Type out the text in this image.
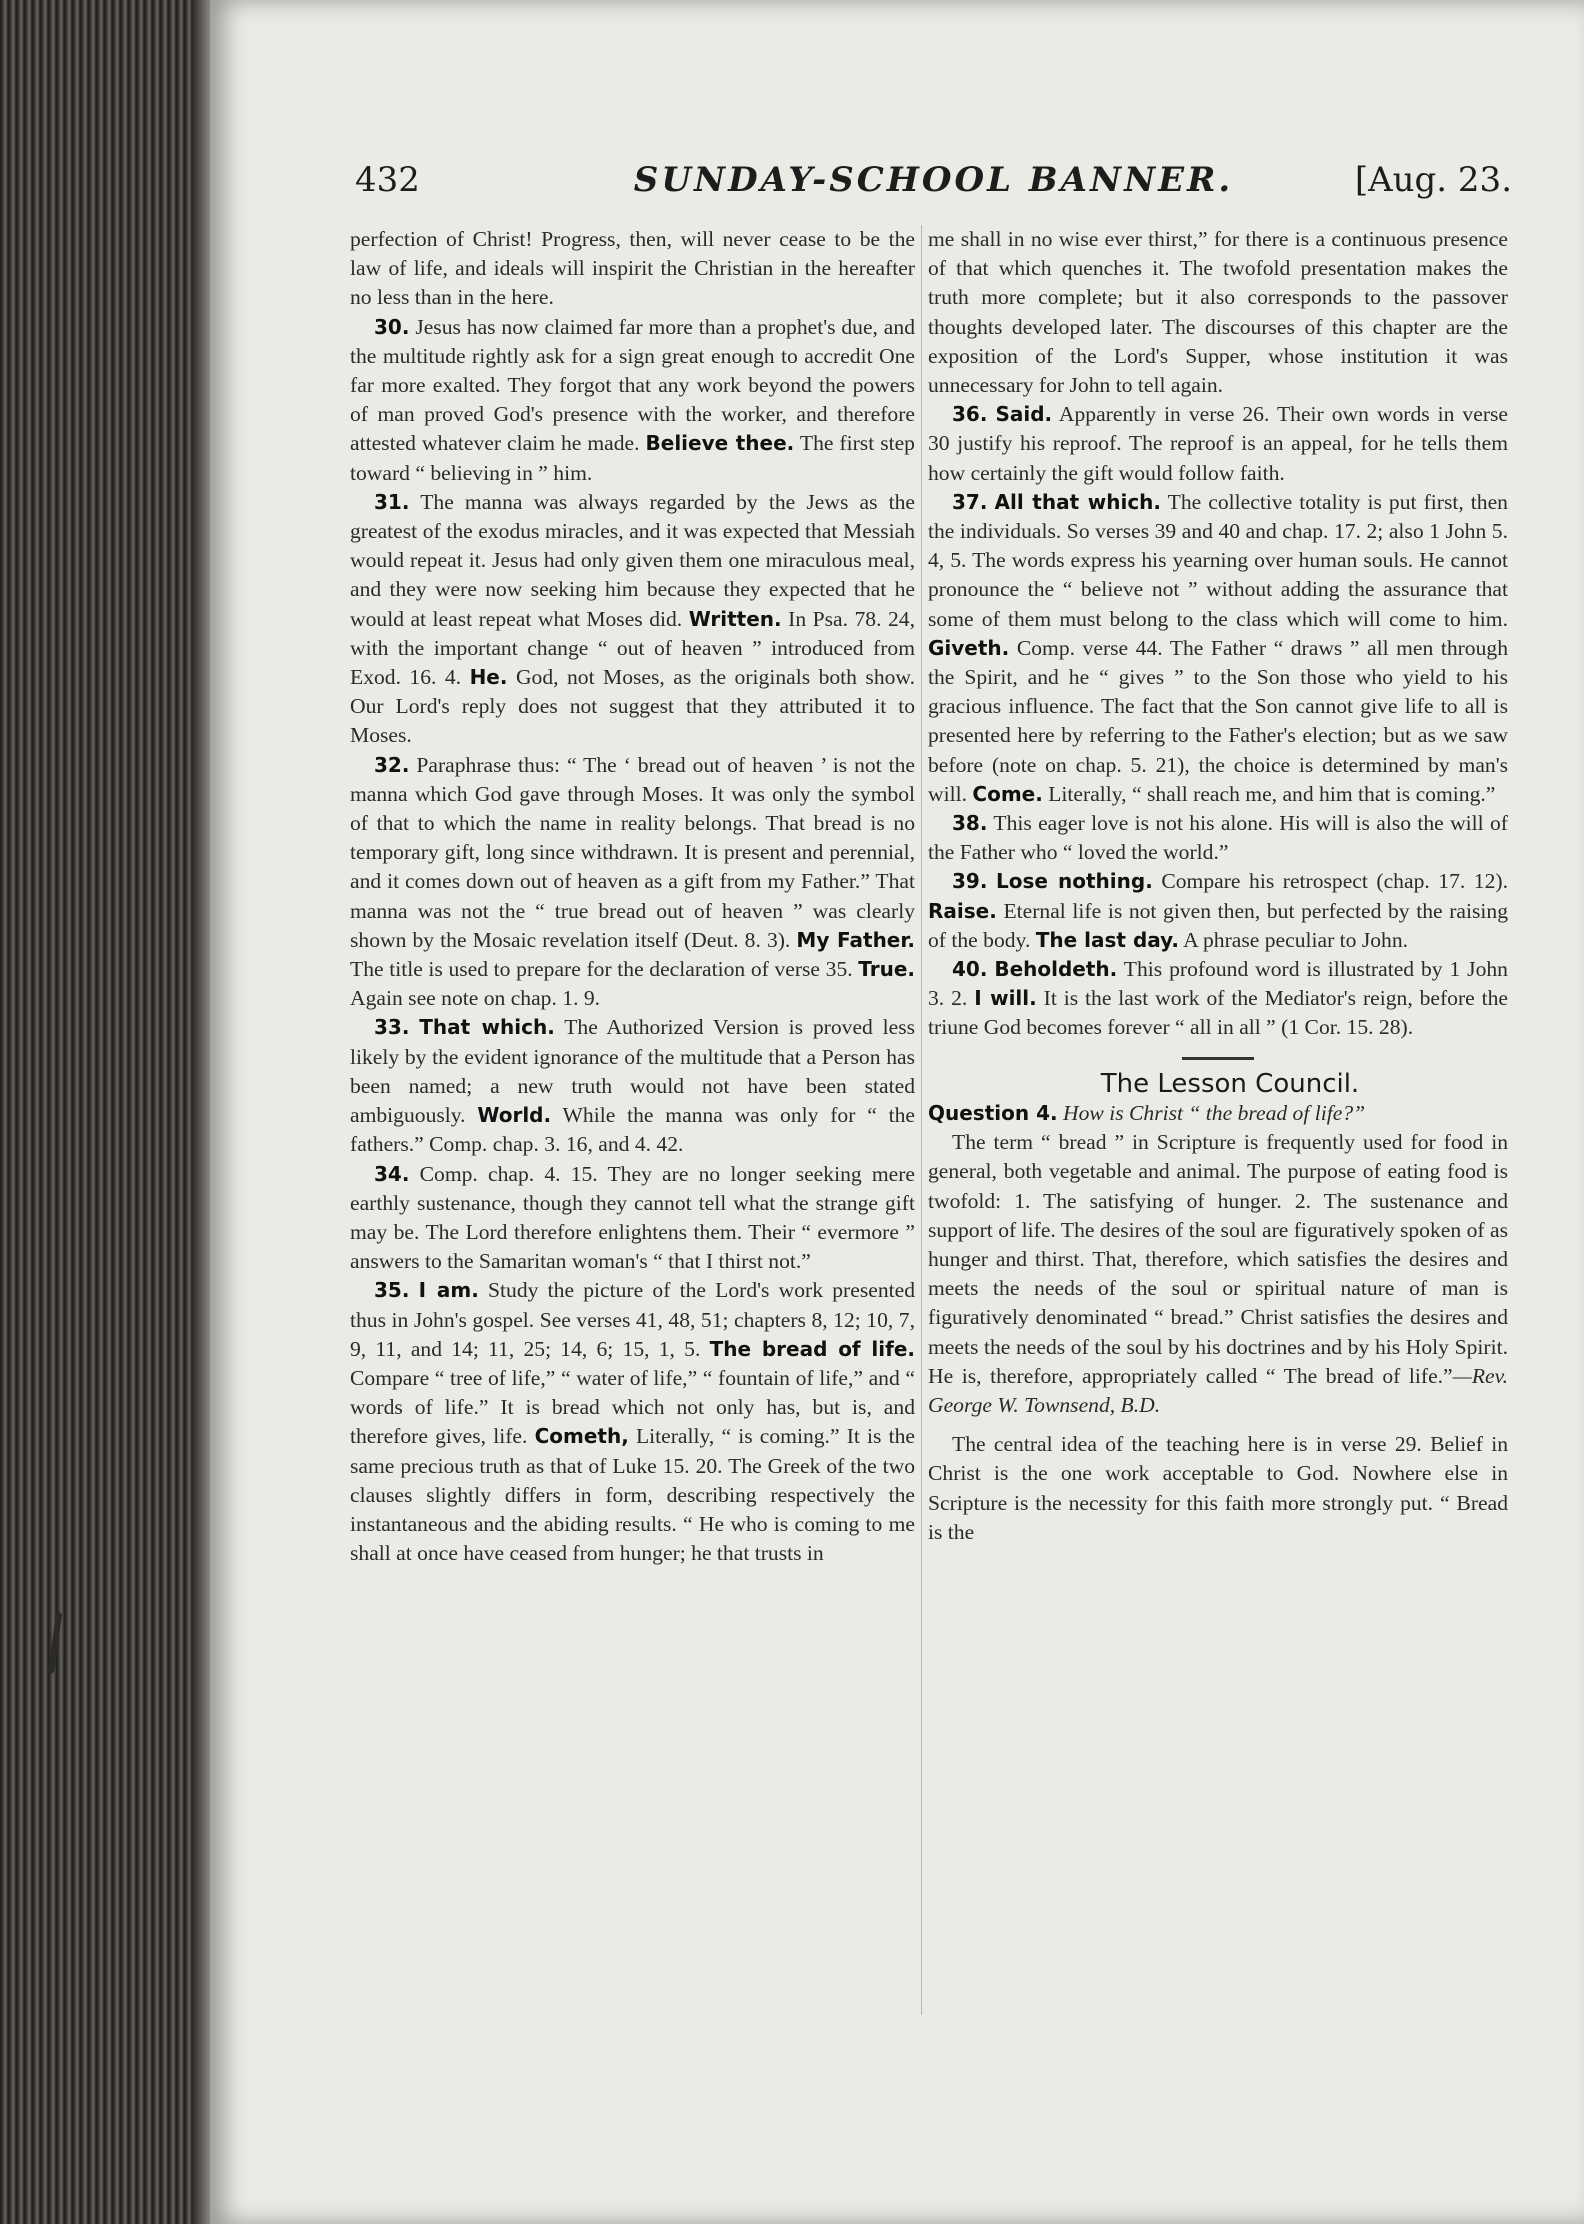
432	SUNDAY-SCHOOL BANNER.	[Aug. 23.

perfection of Christ! Progress, then, will never cease to be the law of life, and ideals will inspirit the Christian in the hereafter no less than in the here.

30. Jesus has now claimed far more than a prophet's due, and the multitude rightly ask for a sign great enough to accredit One far more exalted. They forgot that any work beyond the powers of man proved God's presence with the worker, and therefore attested whatever claim he made. Believe thee. The first step toward “ believing in ” him.

31. The manna was always regarded by the Jews as the greatest of the exodus miracles, and it was expected that Messiah would repeat it. Jesus had only given them one miraculous meal, and they were now seeking him because they expected that he would at least repeat what Moses did. Written. In Psa. 78. 24, with the important change “ out of heaven ” introduced from Exod. 16. 4. He. God, not Moses, as the originals both show. Our Lord's reply does not suggest that they attributed it to Moses.

32. Paraphrase thus: “ The ‘ bread out of heaven ’ is not the manna which God gave through Moses. It was only the symbol of that to which the name in reality belongs. That bread is no temporary gift, long since withdrawn. It is present and perennial, and it comes down out of heaven as a gift from my Father.” That manna was not the “ true bread out of heaven ” was clearly shown by the Mosaic revelation itself (Deut. 8. 3). My Father. The title is used to prepare for the declaration of verse 35. True. Again see note on chap. 1. 9.

33. That which. The Authorized Version is proved less likely by the evident ignorance of the multitude that a Person has been named; a new truth would not have been stated ambiguously. World. While the manna was only for “ the fathers.” Comp. chap. 3. 16, and 4. 42.

34. Comp. chap. 4. 15. They are no longer seeking mere earthly sustenance, though they cannot tell what the strange gift may be. The Lord therefore enlightens them. Their “ evermore ” answers to the Samaritan woman's “ that I thirst not.”

35. I am. Study the picture of the Lord's work presented thus in John's gospel. See verses 41, 48, 51; chapters 8, 12; 10, 7, 9, 11, and 14; 11, 25; 14, 6; 15, 1, 5. The bread of life. Compare “ tree of life,” “ water of life,” “ fountain of life,” and “ words of life.” It is bread which not only has, but is, and therefore gives, life. Cometh, Literally, “ is coming.” It is the same precious truth as that of Luke 15. 20. The Greek of the two clauses slightly differs in form, describing respectively the instantaneous and the abiding results. “ He who is coming to me shall at once have ceased from hunger; he that trusts in

me shall in no wise ever thirst,” for there is a continuous presence of that which quenches it. The twofold presentation makes the truth more complete; but it also corresponds to the passover thoughts developed later. The discourses of this chapter are the exposition of the Lord's Supper, whose institution it was unnecessary for John to tell again.

36. Said. Apparently in verse 26. Their own words in verse 30 justify his reproof. The reproof is an appeal, for he tells them how certainly the gift would follow faith.

37. All that which. The collective totality is put first, then the individuals. So verses 39 and 40 and chap. 17. 2; also 1 John 5. 4, 5. The words express his yearning over human souls. He cannot pronounce the “ believe not ” without adding the assurance that some of them must belong to the class which will come to him. Giveth. Comp. verse 44. The Father “ draws ” all men through the Spirit, and he “ gives ” to the Son those who yield to his gracious influence. The fact that the Son cannot give life to all is presented here by referring to the Father's election; but as we saw before (note on chap. 5. 21), the choice is determined by man's will. Come. Literally, “ shall reach me, and him that is coming.”

38. This eager love is not his alone. His will is also the will of the Father who “ loved the world.”

39. Lose nothing. Compare his retrospect (chap. 17. 12). Raise. Eternal life is not given then, but perfected by the raising of the body. The last day. A phrase peculiar to John.

40. Beholdeth. This profound word is illustrated by 1 John 3. 2. I will. It is the last work of the Mediator's reign, before the triune God becomes forever “ all in all ” (1 Cor. 15. 28).

The Lesson Council.

Question 4. How is Christ “ the bread of life?”

The term “ bread ” in Scripture is frequently used for food in general, both vegetable and animal. The purpose of eating food is twofold: 1. The satisfying of hunger. 2. The sustenance and support of life. The desires of the soul are figuratively spoken of as hunger and thirst. That, therefore, which satisfies the desires and meets the needs of the soul or spiritual nature of man is figuratively denominated “ bread.” Christ satisfies the desires and meets the needs of the soul by his doctrines and by his Holy Spirit. He is, therefore, appropriately called “ The bread of life.”—Rev. George W. Townsend, B.D.

The central idea of the teaching here is in verse 29. Belief in Christ is the one work acceptable to God. Nowhere else in Scripture is the necessity for this faith more strongly put. “ Bread is the
